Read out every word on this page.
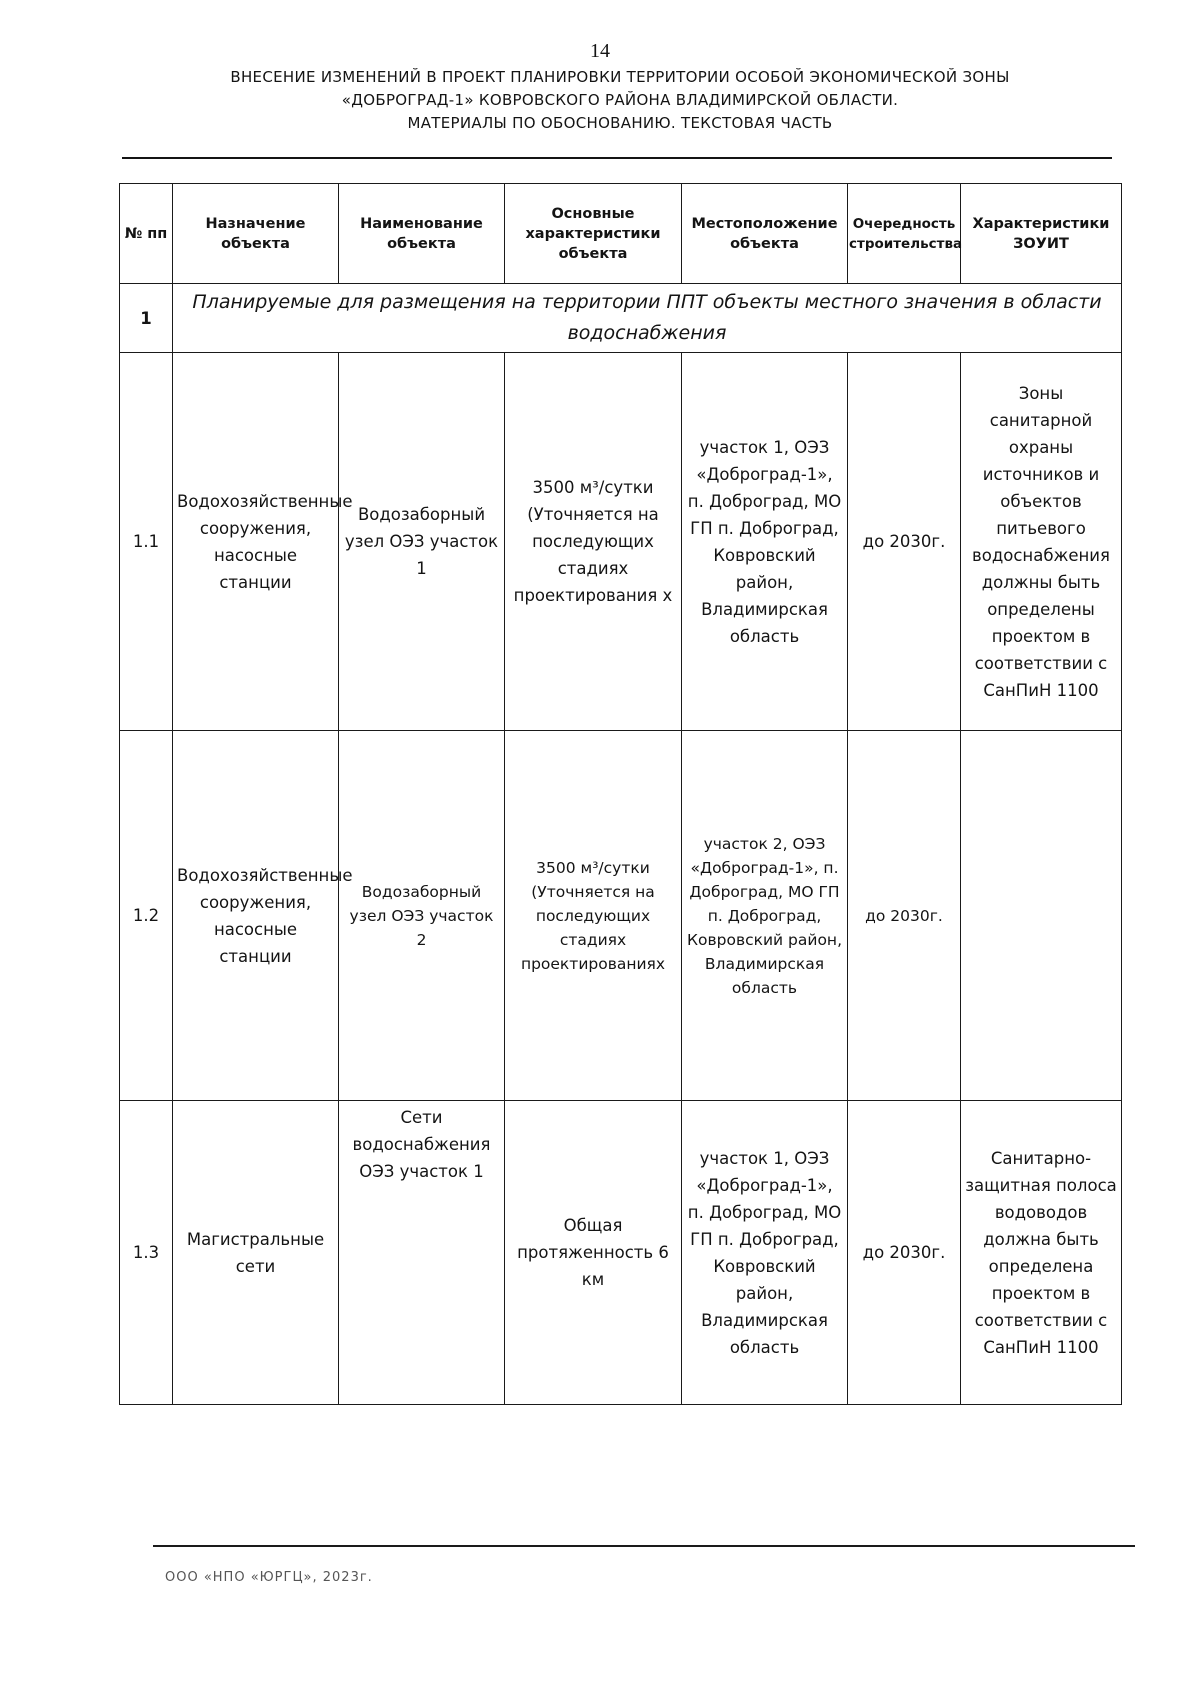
14
ВНЕСЕНИЕ ИЗМЕНЕНИЙ В ПРОЕКТ ПЛАНИРОВКИ ТЕРРИТОРИИ ОСОБОЙ ЭКОНОМИЧЕСКОЙ ЗОНЫ
«ДОБРОГРАД-1» КОВРОВСКОГО РАЙОНА ВЛАДИМИРСКОЙ ОБЛАСТИ.
МАТЕРИАЛЫ ПО ОБОСНОВАНИЮ. ТЕКСТОВАЯ ЧАСТЬ
№ пп	Назначение объекта	Наименование объекта	Основные характеристики объекта	Местоположение объекта	Очередность строительства	Характеристики ЗОУИТ
1	Планируемые для размещения на территории ППТ объекты местного значения в области водоснабжения					
1.1	Водохозяйственные сооружения, насосные станции	Водозаборный узел ОЭЗ участок 1	3500 м³/сутки (Уточняется на последующих стадиях проектирования х	участок 1, ОЭЗ «Доброград-1», п. Доброград, МО ГП п. Доброград, Ковровский район, Владимирская область	до 2030г.	Зоны санитарной охраны источников и объектов питьевого водоснабжения должны быть определены проектом в соответствии с СанПиН 1100
1.2	Водохозяйственные сооружения, насосные станции	Водозаборный узел ОЭЗ участок 2	3500 м³/сутки (Уточняется на последующих стадиях проектированиях	участок 2, ОЭЗ «Доброград-1», п. Доброград, МО ГП п. Доброград, Ковровский район, Владимирская область	до 2030г.	
1.3	Магистральные сети	Сети водоснабжения ОЭЗ участок 1	Общая протяженность 6 км	участок 1, ОЭЗ «Доброград-1», п. Доброград, МО ГП п. Доброград, Ковровский район, Владимирская область	до 2030г.	Санитарно-защитная полоса водоводов должна быть определена проектом в соответствии с СанПиН 1100
ООО «НПО «ЮРГЦ», 2023г.
